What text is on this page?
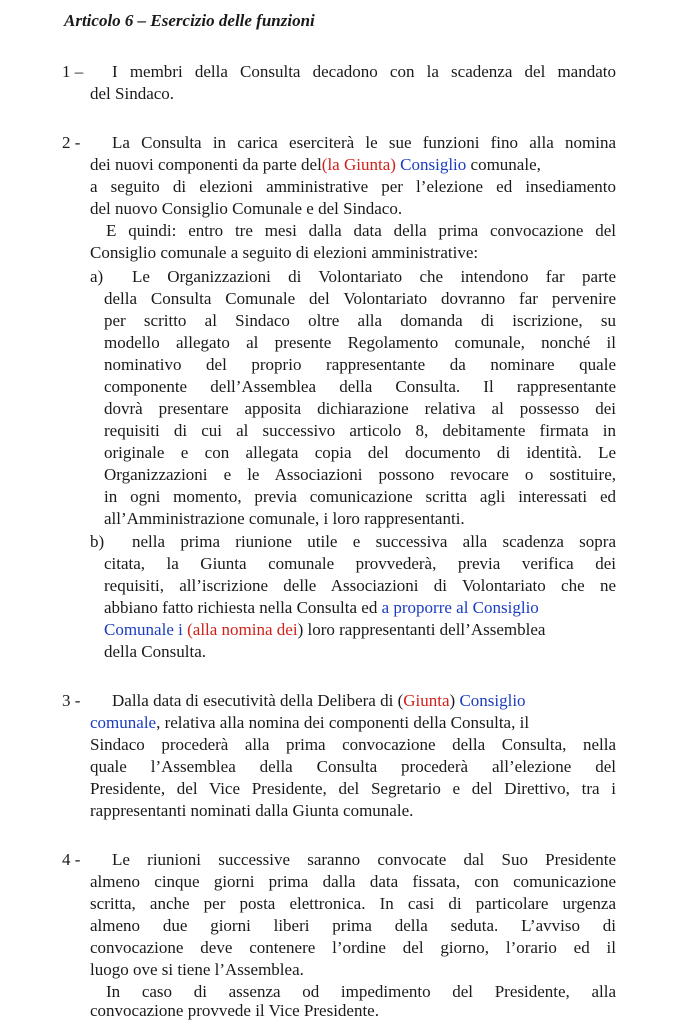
Articolo 6 – Esercizio delle funzioni
1 – I membri della Consulta decadono con la scadenza del mandato
del Sindaco.
2 - La Consulta in carica eserciterà le sue funzioni fino alla nomina
dei nuovi componenti da parte del(la Giunta) Consiglio comunale,
a seguito di elezioni amministrative per l’elezione ed insediamento
del nuovo Consiglio Comunale e del Sindaco.
E quindi: entro tre mesi dalla data della prima convocazione del
Consiglio comunale a seguito di elezioni amministrative:
a) Le Organizzazioni di Volontariato che intendono far parte
della Consulta Comunale del Volontariato dovranno far pervenire
per scritto al Sindaco oltre alla domanda di iscrizione, su
modello allegato al presente Regolamento comunale, nonché il
nominativo del proprio rappresentante da nominare quale
componente dell’Assemblea della Consulta. Il rappresentante
dovrà presentare apposita dichiarazione relativa al possesso dei
requisiti di cui al successivo articolo 8, debitamente firmata in
originale e con allegata copia del documento di identità. Le
Organizzazioni e le Associazioni possono revocare o sostituire,
in ogni momento, previa comunicazione scritta agli interessati ed
all’Amministrazione comunale, i loro rappresentanti.
b) nella prima riunione utile e successiva alla scadenza sopra
citata, la Giunta comunale provvederà, previa verifica dei
requisiti, all’iscrizione delle Associazioni di Volontariato che ne
abbiano fatto richiesta nella Consulta ed a proporre al Consiglio
Comunale i (alla nomina dei) loro rappresentanti dell’Assemblea
della Consulta.
3 - Dalla data di esecutività della Delibera di (Giunta) Consiglio
comunale, relativa alla nomina dei componenti della Consulta, il
Sindaco procederà alla prima convocazione della Consulta, nella
quale l’Assemblea della Consulta procederà all’elezione del
Presidente, del Vice Presidente, del Segretario e del Direttivo, tra i
rappresentanti nominati dalla Giunta comunale.
4 - Le riunioni successive saranno convocate dal Suo Presidente
almeno cinque giorni prima dalla data fissata, con comunicazione
scritta, anche per posta elettronica. In casi di particolare urgenza
almeno due giorni liberi prima della seduta. L’avviso di
convocazione deve contenere l’ordine del giorno, l’orario ed il
luogo ove si tiene l’Assemblea.
In caso di assenza od impedimento del Presidente, alla
convocazione provvede il Vice Presidente.
